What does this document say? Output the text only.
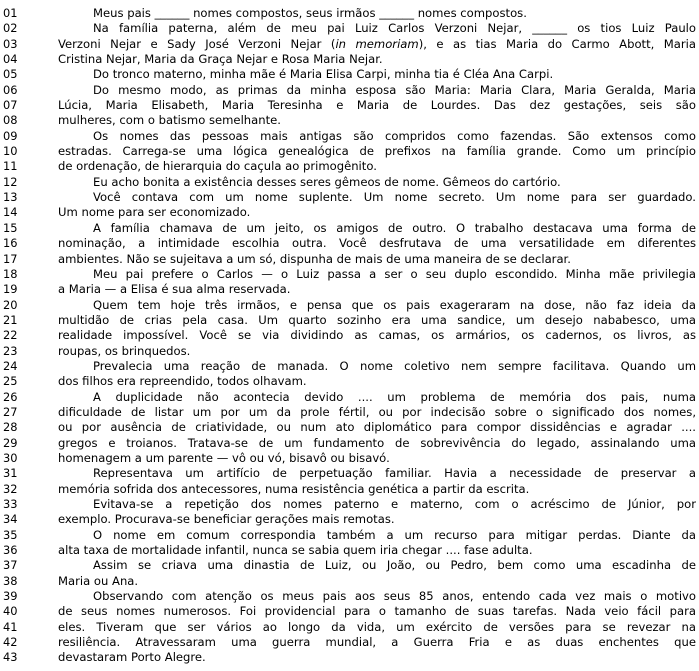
01	Meus pais ______ nomes compostos, seus irmãos ______ nomes compostos.
02	Na família paterna, além de meu pai Luiz Carlos Verzoni Nejar, ______ os tios Luiz Paulo
03	Verzoni Nejar e Sady José Verzoni Nejar (in memoriam), e as tias Maria do Carmo Abott, Maria
04	Cristina Nejar, Maria da Graça Nejar e Rosa Maria Nejar.
05	Do tronco materno, minha mãe é Maria Elisa Carpi, minha tia é Cléa Ana Carpi.
06	Do mesmo modo, as primas da minha esposa são Maria: Maria Clara, Maria Geralda, Maria
07	Lúcia, Maria Elisabeth, Maria Teresinha e Maria de Lourdes. Das dez gestações, seis são
08	mulheres, com o batismo semelhante.
09	Os nomes das pessoas mais antigas são compridos como fazendas. São extensos como
10	estradas. Carrega-se uma lógica genealógica de prefixos na família grande. Como um princípio
11	de ordenação, de hierarquia do caçula ao primogênito.
12	Eu acho bonita a existência desses seres gêmeos de nome. Gêmeos do cartório.
13	Você contava com um nome suplente. Um nome secreto. Um nome para ser guardado.
14	Um nome para ser economizado.
15	A família chamava de um jeito, os amigos de outro. O trabalho destacava uma forma de
16	nominação, a intimidade escolhia outra. Você desfrutava de uma versatilidade em diferentes
17	ambientes. Não se sujeitava a um só, dispunha de mais de uma maneira de se declarar.
18	Meu pai prefere o Carlos — o Luiz passa a ser o seu duplo escondido. Minha mãe privilegia
19	a Maria — a Elisa é sua alma reservada.
20	Quem tem hoje três irmãos, e pensa que os pais exageraram na dose, não faz ideia da
21	multidão de crias pela casa. Um quarto sozinho era uma sandice, um desejo nababesco, uma
22	realidade impossível. Você se via dividindo as camas, os armários, os cadernos, os livros, as
23	roupas, os brinquedos.
24	Prevalecia uma reação de manada. O nome coletivo nem sempre facilitava. Quando um
25	dos filhos era repreendido, todos olhavam.
26	A duplicidade não acontecia devido .... um problema de memória dos pais, numa
27	dificuldade de listar um por um da prole fértil, ou por indecisão sobre o significado dos nomes,
28	ou por ausência de criatividade, ou num ato diplomático para compor dissidências e agradar ....
29	gregos e troianos. Tratava-se de um fundamento de sobrevivência do legado, assinalando uma
30	homenagem a um parente — vô ou vó, bisavô ou bisavó.
31	Representava um artifício de perpetuação familiar. Havia a necessidade de preservar a
32	memória sofrida dos antecessores, numa resistência genética a partir da escrita.
33	Evitava-se a repetição dos nomes paterno e materno, com o acréscimo de Júnior, por
34	exemplo. Procurava-se beneficiar gerações mais remotas.
35	O nome em comum correspondia também a um recurso para mitigar perdas. Diante da
36	alta taxa de mortalidade infantil, nunca se sabia quem iria chegar .... fase adulta.
37	Assim se criava uma dinastia de Luiz, ou João, ou Pedro, bem como uma escadinha de
38	Maria ou Ana.
39	Observando com atenção os meus pais aos seus 85 anos, entendo cada vez mais o motivo
40	de seus nomes numerosos. Foi providencial para o tamanho de suas tarefas. Nada veio fácil para
41	eles. Tiveram que ser vários ao longo da vida, um exército de versões para se revezar na
42	resiliência. Atravessaram uma guerra mundial, a Guerra Fria e as duas enchentes que
43	devastaram Porto Alegre.
